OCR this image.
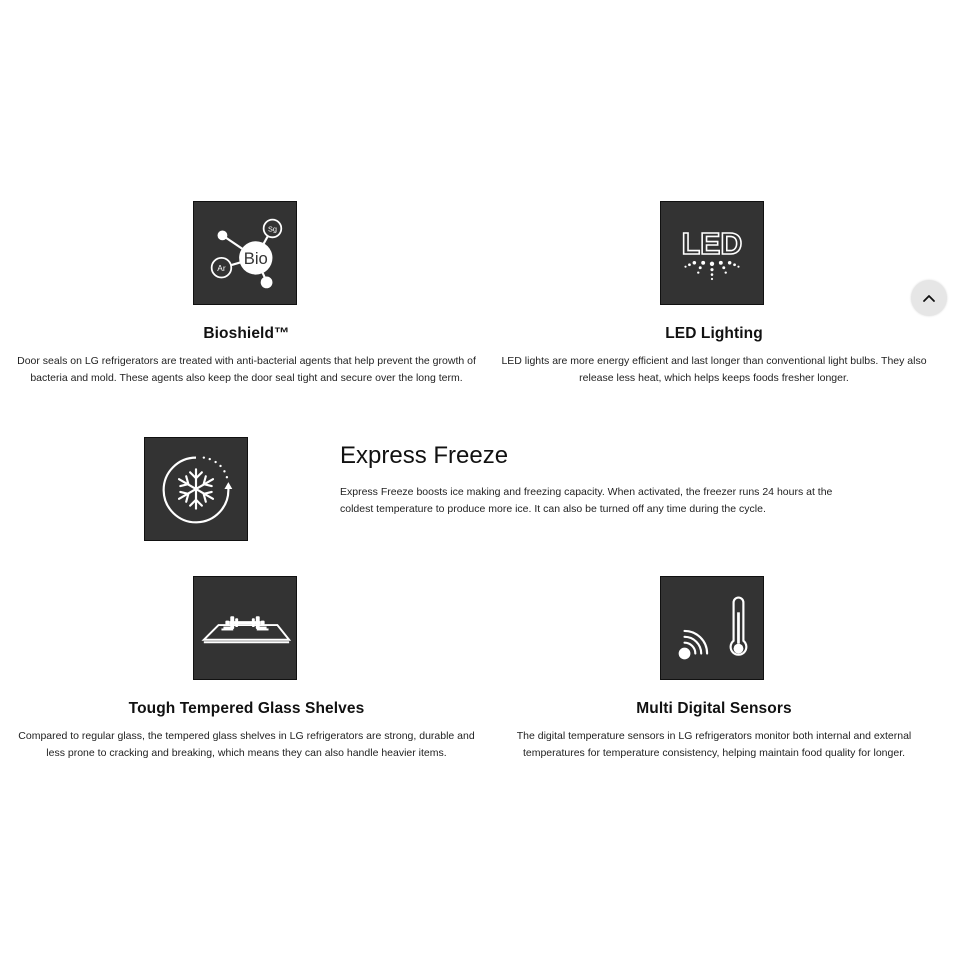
Bio
Sg
Ar
Bioshield™
Door seals on LG refrigerators are treated with anti-bacterial agents that help prevent the growth of bacteria and mold. These agents also keep the door seal tight and secure over the long term.
LED
LED Lighting
LED lights are more energy efficient and last longer than conventional light bulbs. They also release less heat, which helps keeps foods fresher longer.
Express Freeze
Express Freeze boosts ice making and freezing capacity. When activated, the freezer runs 24 hours at the coldest temperature to produce more ice. It can also be turned off any time during the cycle.
Tough Tempered Glass Shelves
Compared to regular glass, the tempered glass shelves in LG refrigerators are strong, durable and less prone to cracking and breaking, which means they can also handle heavier items.
Multi Digital Sensors
The digital temperature sensors in LG refrigerators monitor both internal and external temperatures for temperature consistency, helping maintain food quality for longer.
